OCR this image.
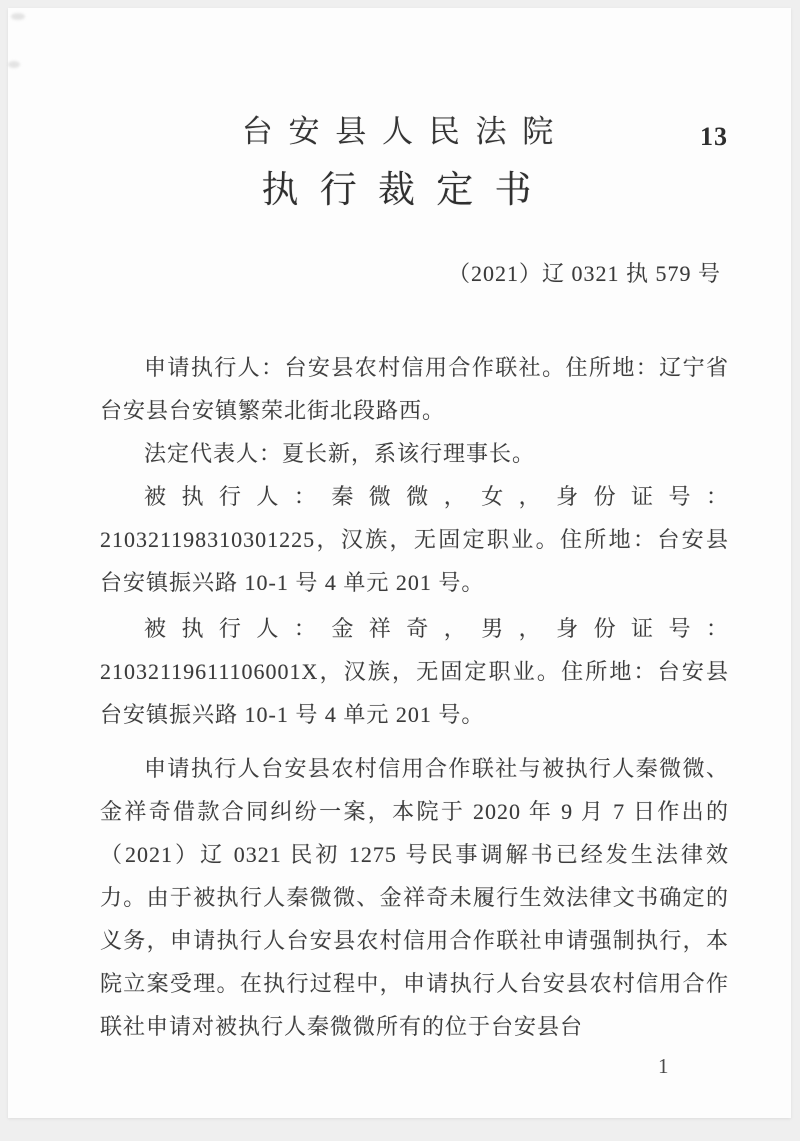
台 安 县 人 民 法 院	13
执 行 裁 定 书
（2021）辽 0321 执 579 号

申请执行人：台安县农村信用合作联社。住所地：辽宁省台安县台安镇繁荣北街北段路西。

法定代表人：夏长新，系该行理事长。

被执行人：秦微微，女，身份证号：210321198310301225，汉族，无固定职业。住所地：台安县台安镇振兴路 10-1 号 4 单元 201 号。

被执行人：金祥奇，男，身份证号：21032119611106001X，汉族，无固定职业。住所地：台安县台安镇振兴路 10-1 号 4 单元 201 号。

申请执行人台安县农村信用合作联社与被执行人秦微微、金祥奇借款合同纠纷一案，本院于 2020 年 9 月 7 日作出的（2021）辽 0321 民初 1275 号民事调解书已经发生法律效力。由于被执行人秦微微、金祥奇未履行生效法律文书确定的义务，申请执行人台安县农村信用合作联社申请强制执行，本院立案受理。在执行过程中，申请执行人台安县农村信用合作联社申请对被执行人秦微微所有的位于台安县台

1
